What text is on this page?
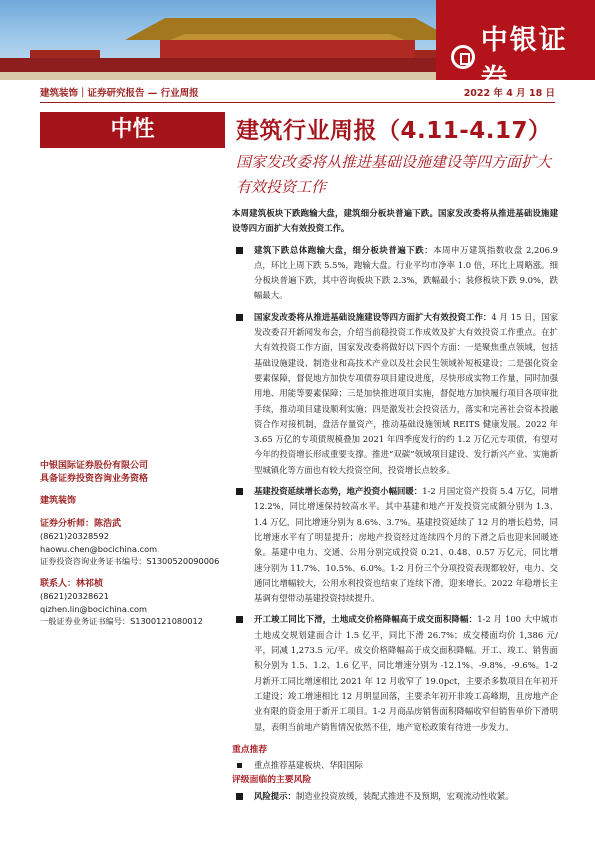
中银证
建筑装饰｜证券研究报告 — 行业周报	2022 年 4 月 18 日
中性	建筑行业周报（4.11-4.17）
国家发改委将从推进基础设施建设等四方面扩大有效投资工作
中银国际证券股份有限公司
具备证券投资咨询业务资格
建筑装饰
证券分析师：陈浩武
(8621)20328592
haowu.chen@bocichina.com
证券投资咨询业务证书编号：S1300520090006
联系人：林祁桢
(8621)20328621
qizhen.lin@bocichina.com
一般证券业务证书编号：S1300121080012

本周建筑板块下跌跑输大盘，建筑细分板块普遍下跌。国家发改委将从推进基础设施建设等四方面扩大有效投资工作。

建筑下跌总体跑输大盘，细分板块普遍下跌：本周申万建筑指数收盘 2,206.9 点，环比上周下跌 5.5%，跑输大盘。行业平均市净率 1.0 倍，环比上周略涨。细分板块普遍下跌，其中咨询板块下跌 2.3%，跌幅最小；装修板块下跌 9.0%，跌幅最大。
国家发改委将从推进基础设施建设等四方面扩大有效投资工作：4 月 15 日，国家发改委召开新闻发布会，介绍当前稳投资工作成效及扩大有效投资工作重点。在扩大有效投资工作方面，国家发改委将做好以下四个方面：一是聚焦重点领域，包括基础设施建设、制造业和高技术产业以及社会民生领域补短板建设；二是强化资金要素保障，督促地方加快专项债券项目建设进度，尽快形成实物工作量，同时加强用地、用能等要素保障；三是加快推进项目实施，督促地方加快履行项目各项审批手续，推动项目建设顺利实施；四是激发社会投资活力，落实和完善社会资本投融资合作对接机制，盘活存量资产，推动基础设施领域 REITS 健康发展。2022 年 3.65 万亿的专项债规模叠加 2021 年四季度发行的约 1.2 万亿元专项债，有望对今年的投资增长形成重要支撑。推进“双碳”领域项目建设、发行新兴产业、实施新型城镇化等方面也有较大投资空间，投资增长点较多。
基建投资延续增长态势，地产投资小幅回暖：1-2 月国定资产投资 5.4 万亿，同增 12.2%，同比增速保持较高水平。其中基建和地产开发投资完成额分别为 1.3、1.4 万亿，同比增速分别为 8.6%、3.7%。基建投资延续了 12 月的增长趋势，同比增速水平有了明显提升；房地产投资经过连续四个月的下滑之后也迎来回暖迹象。基建中电力、交通、公用分别完成投资 0.21、0.48、0.57 万亿元，同比增速分别为 11.7%、10.5%、6.0%。1-2 月份三个分项投资表现都较好，电力、交通同比增幅较大，公用水利投资也结束了连续下滑，迎来增长。2022 年稳增长主基调有望带动基建投资持续提升。
开工竣工同比下滑，土地成交价格降幅高于成交面积降幅：1-2 月 100 大中城市土地成交规划建面合计 1.5 亿平，同比下滑 26.7%；成交楼面均价 1,386 元/平，同减 1,273.5 元/平。成交价格降幅高于成交面积降幅。开工、竣工、销售面积分别为 1.5、1.2、1.6 亿平，同比增速分别为 -12.1%、-9.8%、-9.6%。1-2 月新开工同比增速相比 2021 年 12 月收窄了 19.0pct，主要杀多数项目在年初开工建设；竣工增速相比 12 月明显回落，主要杀年初开非竣工高峰期，且房地产企业有限的资金用于新开工项目。1-2 月商品房销售面积降幅收窄但销售单价下滑明显，表明当前地产销售情况依然不佳，地产宽松政策有待进一步发力。
重点推荐
重点推荐基建板块、华阳国际
评级面临的主要风险
风险提示：制造业投资放缓，装配式推进不及预期，宏观流动性收紧。
